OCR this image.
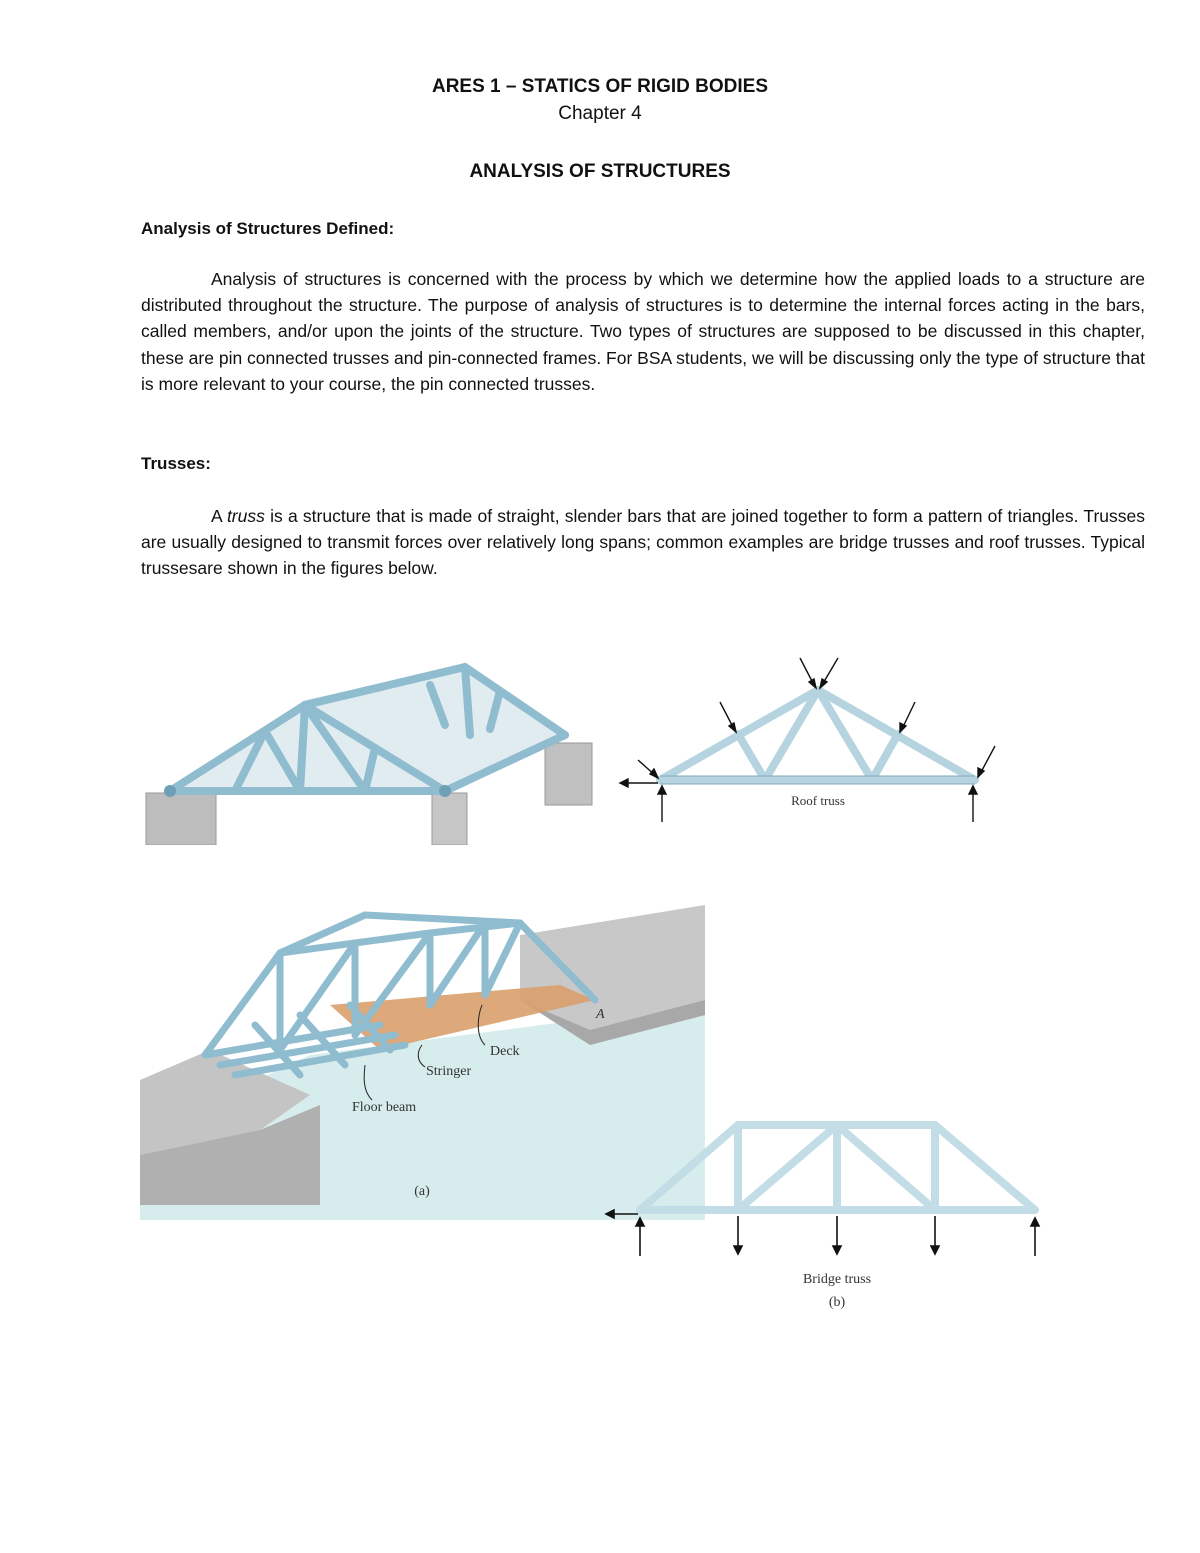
ARES 1 – STATICS OF RIGID BODIES
Chapter 4
ANALYSIS OF STRUCTURES
Analysis of Structures Defined:

Analysis of structures is concerned with the process by which we determine how the applied loads to a structure are distributed throughout the structure. The purpose of analysis of structures is to determine the internal forces acting in the bars, called members, and/or upon the joints of the structure. Two types of structures are supposed to be discussed in this chapter, these are pin connected trusses and pin-connected frames. For BSA students, we will be discussing only the type of structure that is more relevant to your course, the pin connected trusses.

Trusses:

A truss is a structure that is made of straight, slender bars that are joined together to form a pattern of triangles. Trusses are usually designed to transmit forces over relatively long spans; common examples are bridge trusses and roof trusses. Typical trussesare shown in the figures below.

Roof truss
Deck
Stringer
Floor beam
A
(a)
Bridge truss
(b)
